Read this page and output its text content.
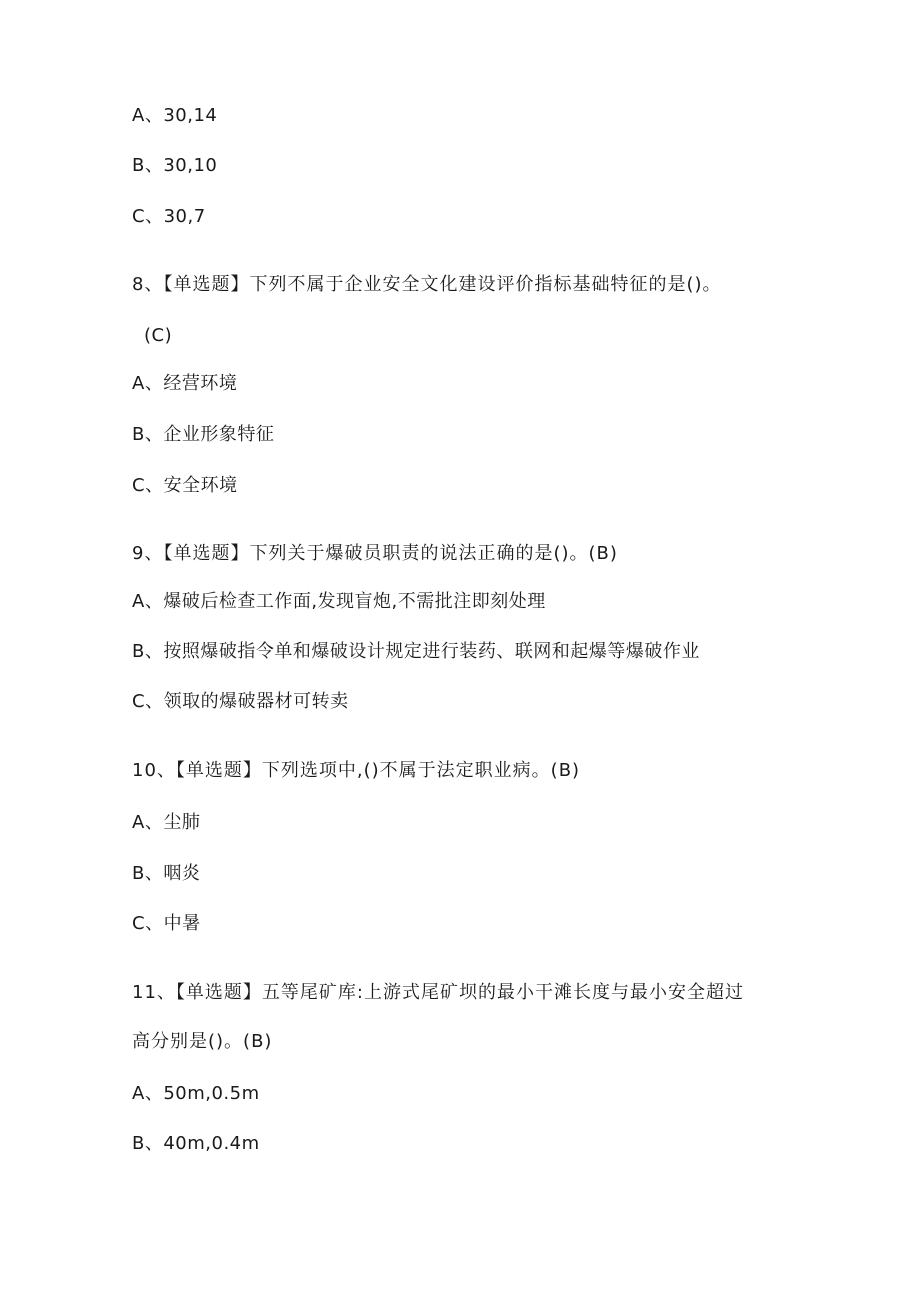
A、30,14
B、30,10
C、30,7
8、【单选题】下列不属于企业安全文化建设评价指标基础特征的是()。
(C)
A、经营环境
B、企业形象特征
C、安全环境
9、【单选题】下列关于爆破员职责的说法正确的是()。(B)
A、爆破后检查工作面,发现盲炮,不需批注即刻处理
B、按照爆破指令单和爆破设计规定进行装药、联网和起爆等爆破作业
C、领取的爆破器材可转卖
10、【单选题】下列选项中,()不属于法定职业病。(B)
A、尘肺
B、咽炎
C、中暑
11、【单选题】五等尾矿库:上游式尾矿坝的最小干滩长度与最小安全超过
高分别是()。(B)
A、50m,0.5m
B、40m,0.4m
